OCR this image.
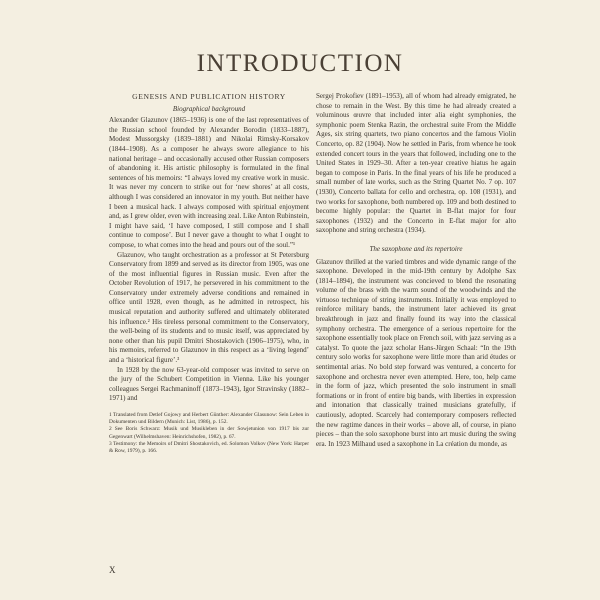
INTRODUCTION
GENESIS AND PUBLICATION HISTORY
Biographical background

Alexander Glazunov (1865–1936) is one of the last representatives of the Russian school founded by Alexander Borodin (1833–1887), Modest Mussorgsky (1839–1881) and Nikolai Rimsky-Korsakov (1844–1908). As a composer he always swore allegiance to his national heritage – and occasionally accused other Russian composers of abandoning it. His artistic philosophy is formulated in the final sentences of his memoirs: “I always loved my creative work in music. It was never my concern to strike out for ‘new shores’ at all costs, although I was considered an innovator in my youth. But neither have I been a musical hack. I always composed with spiritual enjoyment and, as I grew older, even with increasing zeal. Like Anton Rubinstein, I might have said, ‘I have composed, I still compose and I shall continue to compose’. But I never gave a thought to what I ought to compose, to what comes into the head and pours out of the soul.”¹

Glazunov, who taught orchestration as a professor at St Petersburg Conservatory from 1899 and served as its director from 1905, was one of the most influential figures in Russian music. Even after the October Revolution of 1917, he persevered in his commitment to the Conservatory under extremely adverse conditions and remained in office until 1928, even though, as he admitted in retrospect, his musical reputation and authority suffered and ultimately obliterated his influence.² His tireless personal commitment to the Conservatory, the well-being of its students and to music itself, was appreciated by none other than his pupil Dmitri Shostakovich (1906–1975), who, in his memoirs, referred to Glazunov in this respect as a ‘living legend’ and a ‘historical figure’.³

In 1928 by the now 63-year-old composer was invited to serve on the jury of the Schubert Competition in Vienna. Like his younger colleagues Sergei Rachmaninoff (1873–1943), Igor Stravinsky (1882–1971) and

1 Translated from Detlef Gojowy and Herbert Günther: Alexander Glasunow: Sein Leben in Dokumenten und Bildern (Munich: List, 1986), p. 152.
2 See Boris Schwarz: Musik und Musikleben in der Sowjetunion von 1917 bis zur Gegenwart (Wilhelmshaven: Heinrichshofen, 1982), p. 67.
3 Testimony: the Memoirs of Dmitri Shostakovich, ed. Solomon Volkov (New York: Harper & Row, 1979), p. 166.

Sergej Prokofiev (1891–1953), all of whom had already emigrated, he chose to remain in the West. By this time he had already created a voluminous œuvre that included inter alia eight symphonies, the symphonic poem Stenka Razin, the orchestral suite From the Middle Ages, six string quartets, two piano concertos and the famous Violin Concerto, op. 82 (1904). Now he settled in Paris, from whence he took extended concert tours in the years that followed, including one to the United States in 1929–30. After a ten-year creative hiatus he again began to compose in Paris. In the final years of his life he produced a small number of late works, such as the String Quartet No. 7 op. 107 (1930), Concerto ballata for cello and orchestra, op. 108 (1931), and two works for saxophone, both numbered op. 109 and both destined to become highly popular: the Quartet in B-flat major for four saxophones (1932) and the Concerto in E-flat major for alto saxophone and string orchestra (1934).

The saxophone and its repertoire

Glazunov thrilled at the varied timbres and wide dynamic range of the saxophone. Developed in the mid-19th century by Adolphe Sax (1814–1894), the instrument was concieved to blend the resonating volume of the brass with the warm sound of the woodwinds and the virtuoso technique of string instruments. Initially it was employed to reinforce military bands, the instrument later achieved its great breakthrough in jazz and finally found its way into the classical symphony orchestra. The emergence of a serious repertoire for the saxophone essentially took place on French soil, with jazz serving as a catalyst. To quote the jazz scholar Hans-Jürgen Schaal: “In the 19th century solo works for saxophone were little more than arid études or sentimental arias. No bold step forward was ventured, a concerto for saxophone and orchestra never even attempted. Here, too, help came in the form of jazz, which presented the solo instrument in small formations or in front of entire big bands, with liberties in expression and intonation that classically trained musicians gratefully, if cautiously, adopted. Scarcely had contemporary composers reflected the new ragtime dances in their works – above all, of course, in piano pieces – than the solo saxophone burst into art music during the swing era. In 1923 Milhaud used a saxophone in La création du monde, as

X
